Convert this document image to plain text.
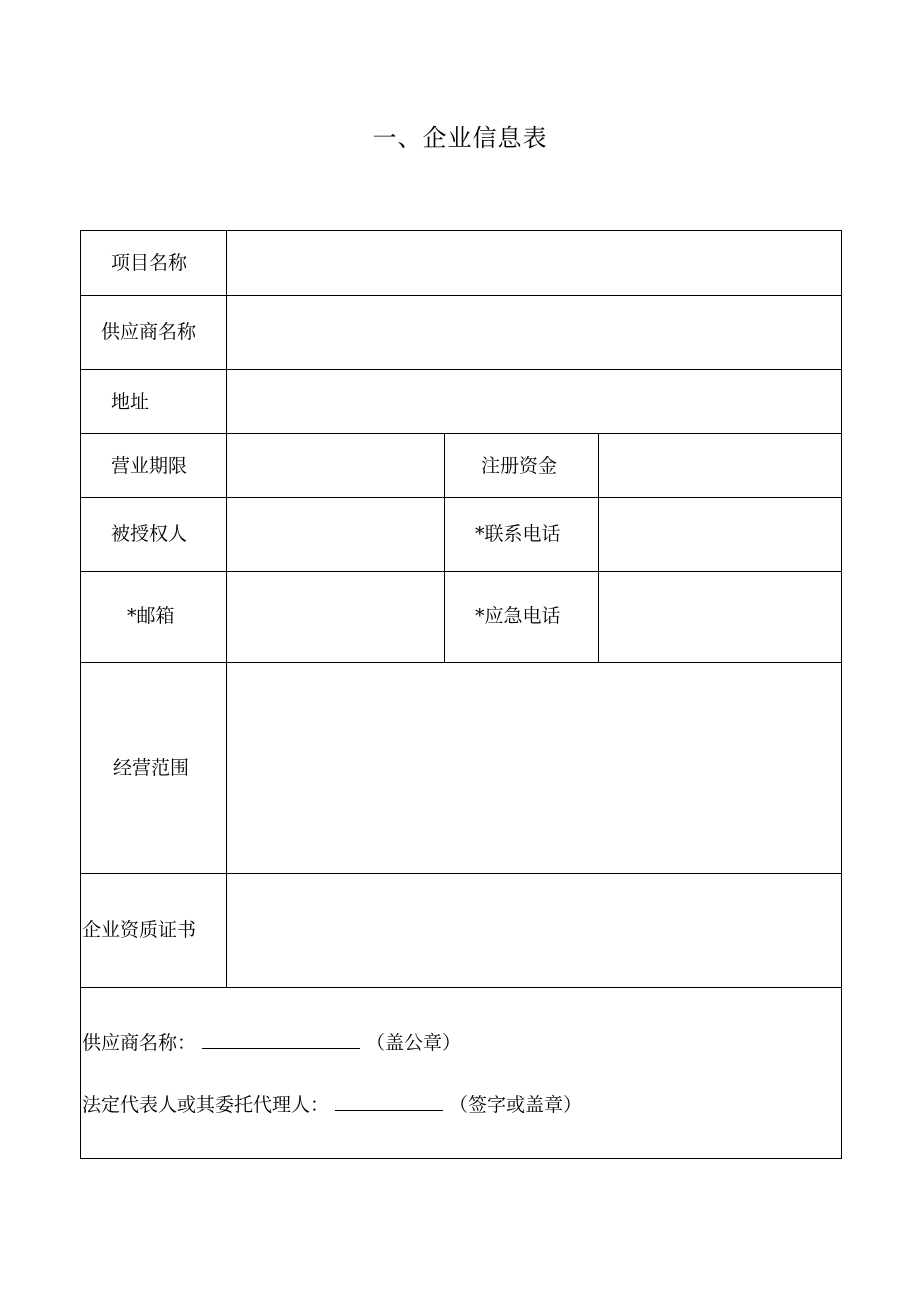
一、企业信息表
项目名称
供应商名称
地址
营业期限	注册资金
被授权人	*联系电话
*邮箱	*应急电话
经营范围
企业资质证书
供应商名称：	（盖公章）
法定代表人或其委托代理人：	（签字或盖章）
